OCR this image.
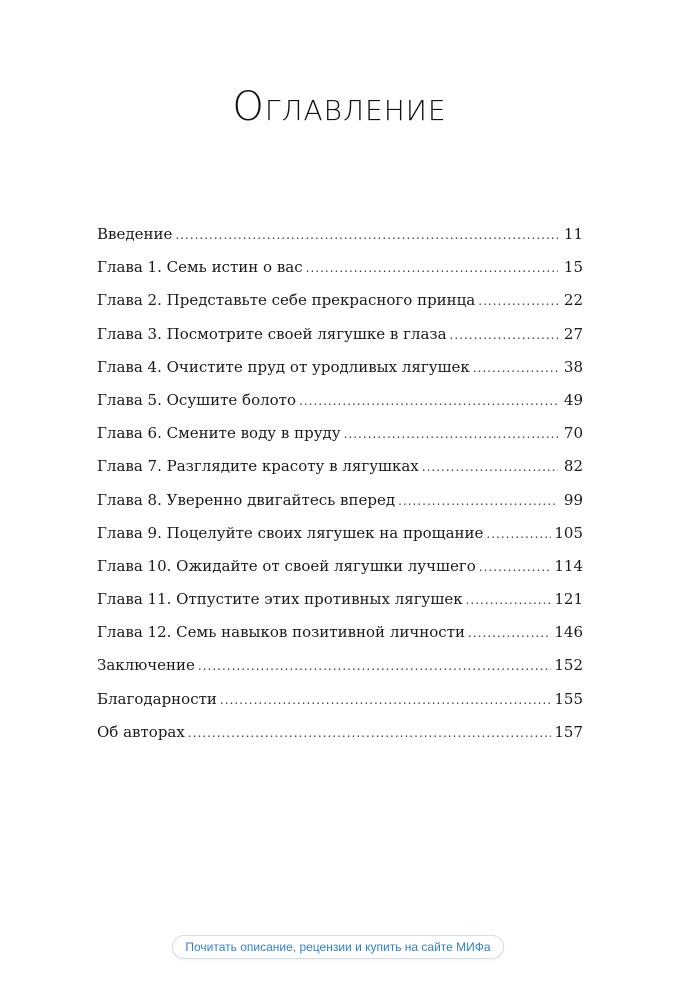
Оглавление
Введение .....	11
Глава 1. Семь истин о вас .....	15
Глава 2. Представьте себе прекрасного принца .....	22
Глава 3. Посмотрите своей лягушке в глаза .....	27
Глава 4. Очистите пруд от уродливых лягушек .....	38
Глава 5. Осушите болото .....	49
Глава 6. Смените воду в пруду .....	70
Глава 7. Разглядите красоту в лягушках .....	82
Глава 8. Уверенно двигайтесь вперед .....	99
Глава 9. Поцелуйте своих лягушек на прощание .....	105
Глава 10. Ожидайте от своей лягушки лучшего .....	114
Глава 11. Отпустите этих противных лягушек .....	121
Глава 12. Семь навыков позитивной личности .....	146
Заключение .....	152
Благодарности .....	155
Об авторах .....	157
Почитать описание, рецензии и купить на сайте МИФа
